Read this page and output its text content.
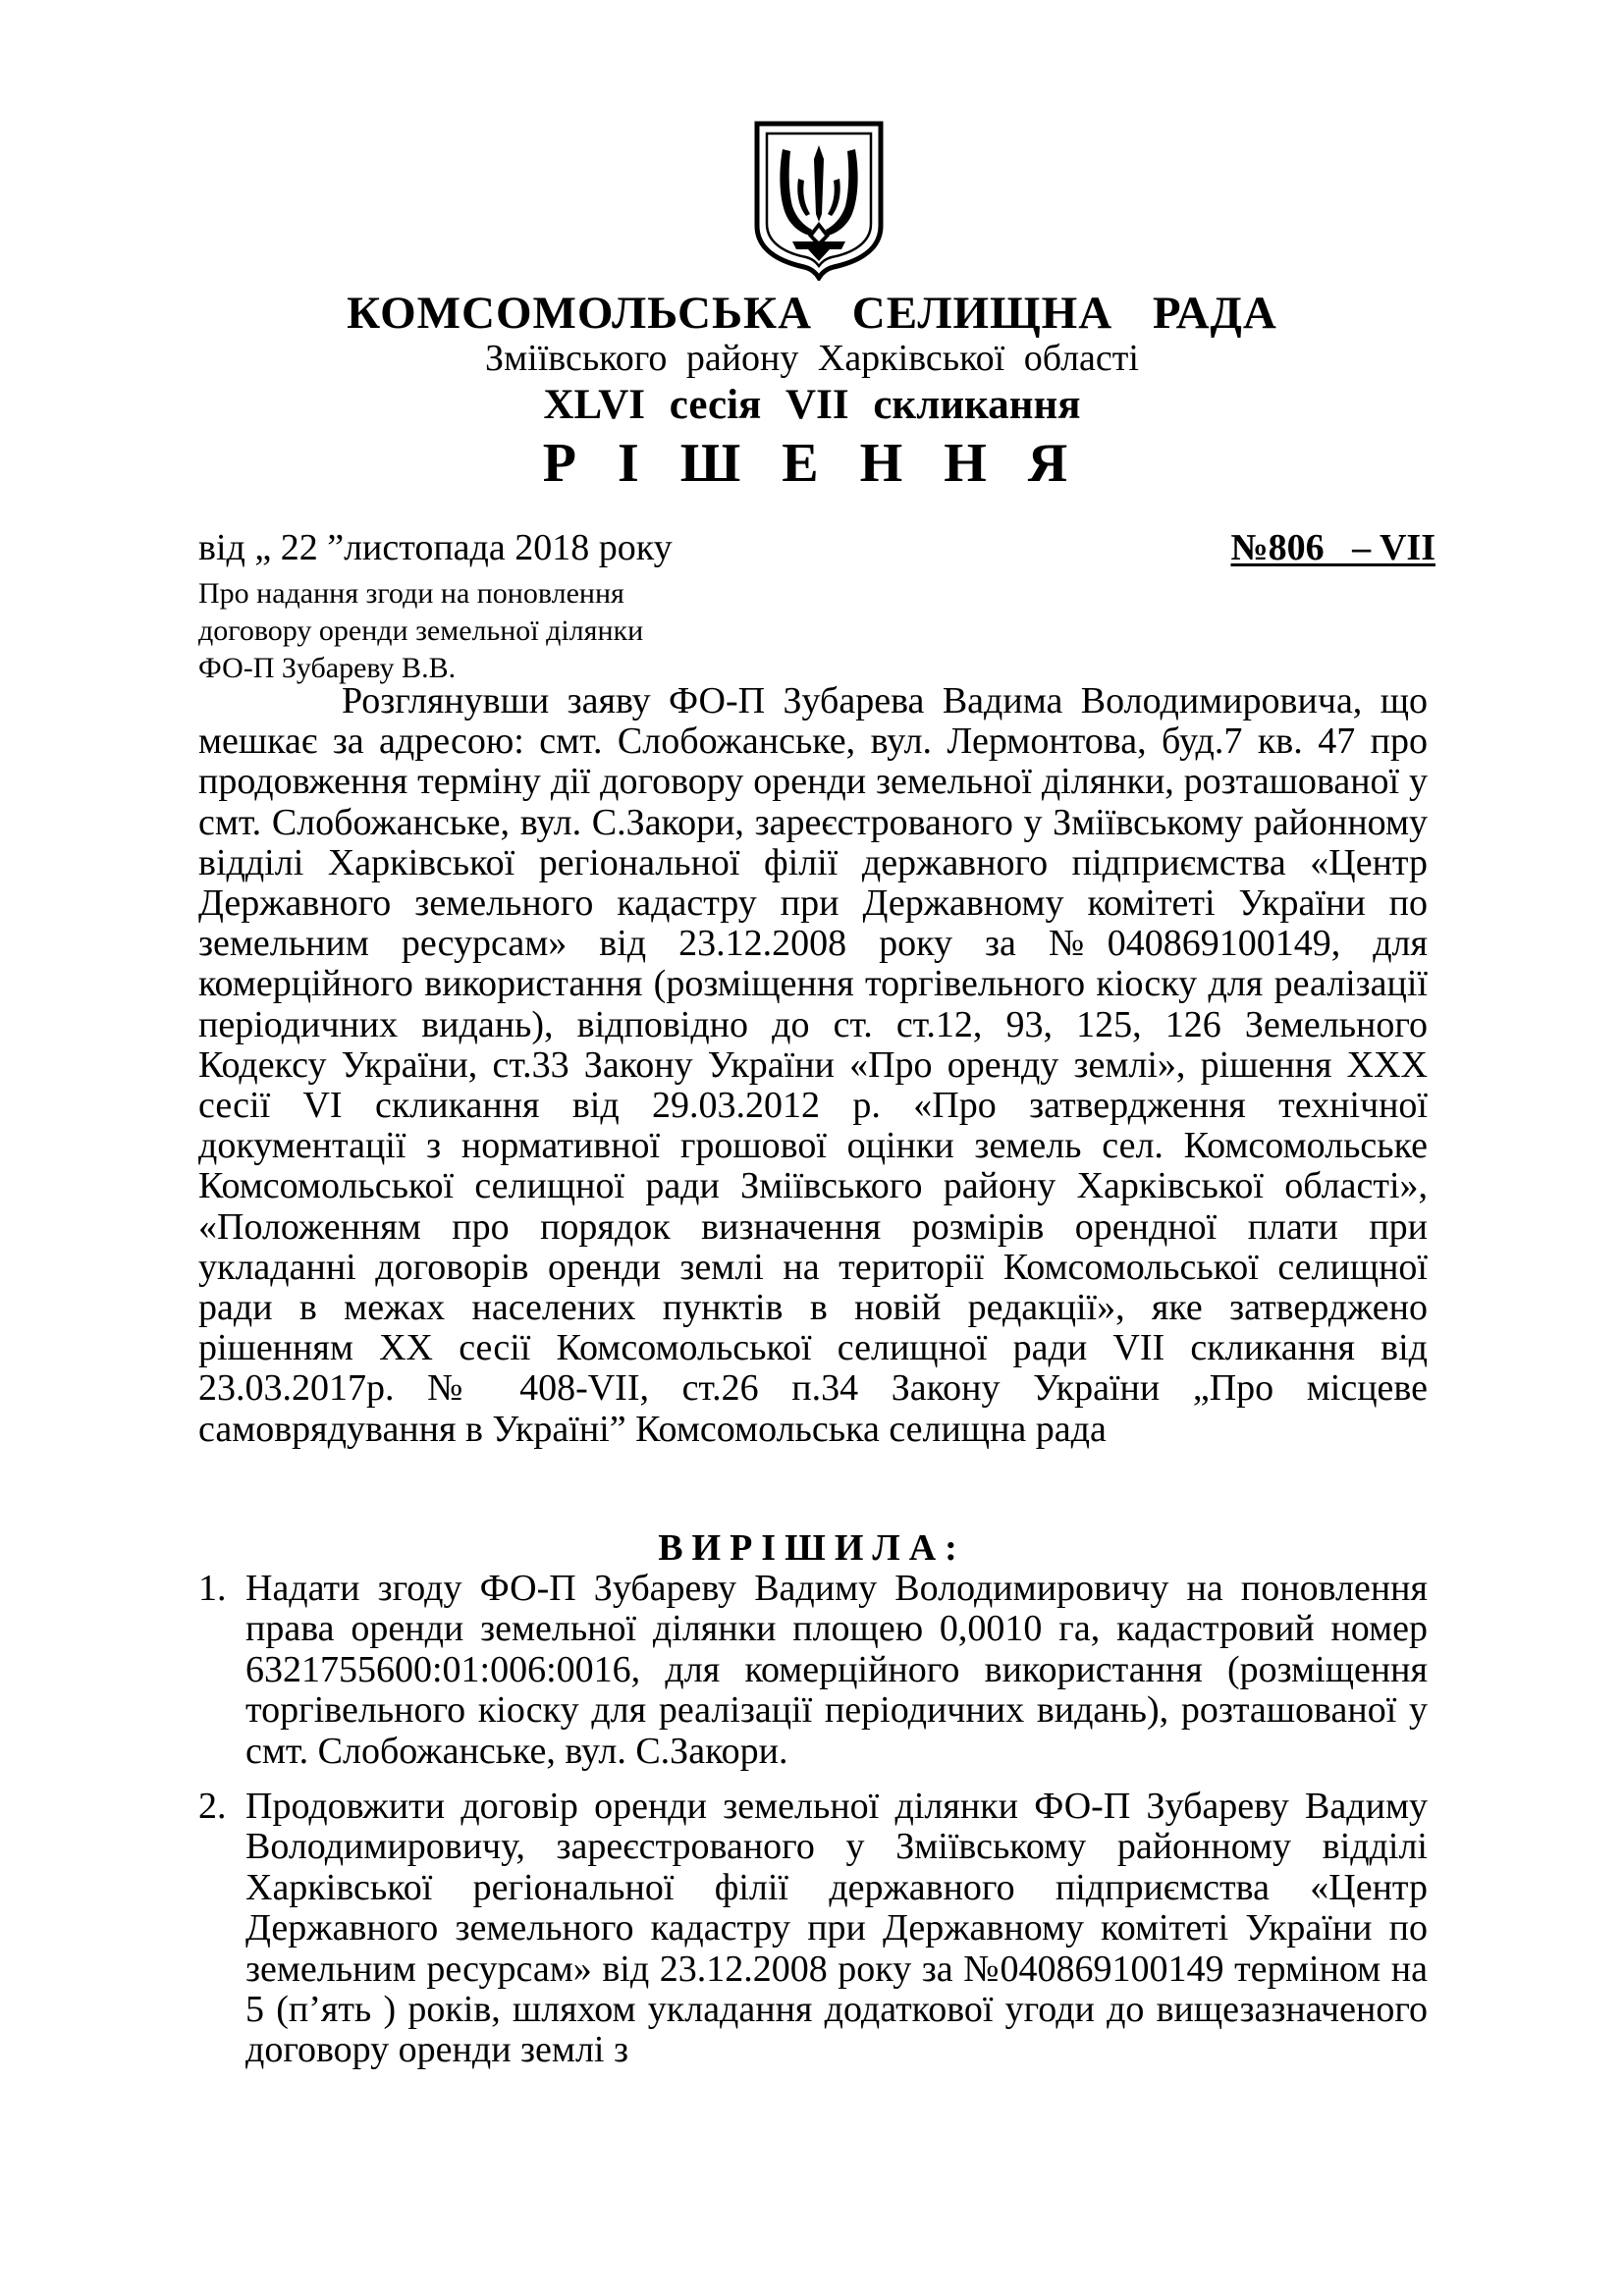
КОМСОМОЛЬСЬКА СЕЛИЩНА РАДА
Зміївського району Харківської області
XLVI сесія VII скликання
Р І Ш Е Н Н Я
від „ 22 ”листопада 2018 року	№806   – VII
Про надання згоди на поновлення
договору оренди земельної ділянки
ФО-П Зубареву В.В.

Розглянувши заяву ФО-П Зубарева Вадима Володимировича, що мешкає за адресою: смт. Слобожанське, вул. Лермонтова, буд.7 кв. 47 про продовження терміну дії договору оренди земельної ділянки, розташованої у смт. Слобожанське, вул. С.Закори, зареєстрованого у Зміївському районному відділі Харківської регіональної філії державного підприємства «Центр Державного земельного кадастру при Державному комітеті України по земельним ресурсам» від 23.12.2008 року за №040869100149, для комерційного використання (розміщення торгівельного кіоску для реалізації періодичних видань), відповідно до ст. ст.12, 93, 125, 126 Земельного Кодексу України, ст.33 Закону України «Про оренду землі», рішення XXX сесії VI скликання від 29.03.2012 р. «Про затвердження технічної документації з нормативної грошової оцінки земель сел. Комсомольське Комсомольської селищної ради Зміївського району Харківської області», «Положенням про порядок визначення розмірів орендної плати при укладанні договорів оренди землі на території Комсомольської селищної ради в межах населених пунктів в новій редакції», яке затверджено рішенням XX сесії Комсомольської селищної ради VII скликання від 23.03.2017р. № 408-VII, ст.26 п.34 Закону України „Про місцеве самоврядування в Україні” Комсомольська селищна рада

ВИРІШИЛА:
1. Надати згоду ФО-П Зубареву Вадиму Володимировичу на поновлення права оренди земельної ділянки площею 0,0010 га, кадастровий номер 6321755600:01:006:0016, для комерційного використання (розміщення торгівельного кіоску для реалізації періодичних видань), розташованої у смт. Слобожанське, вул. С.Закори.
2. Продовжити договір оренди земельної ділянки ФО-П Зубареву Вадиму Володимировичу, зареєстрованого у Зміївському районному відділі Харківської регіональної філії державного підприємства «Центр Державного земельного кадастру при Державному комітеті України по земельним ресурсам» від 23.12.2008 року за №040869100149 терміном на 5 (п’ять ) років, шляхом укладання додаткової угоди до вищезазначеного договору оренди землі з
